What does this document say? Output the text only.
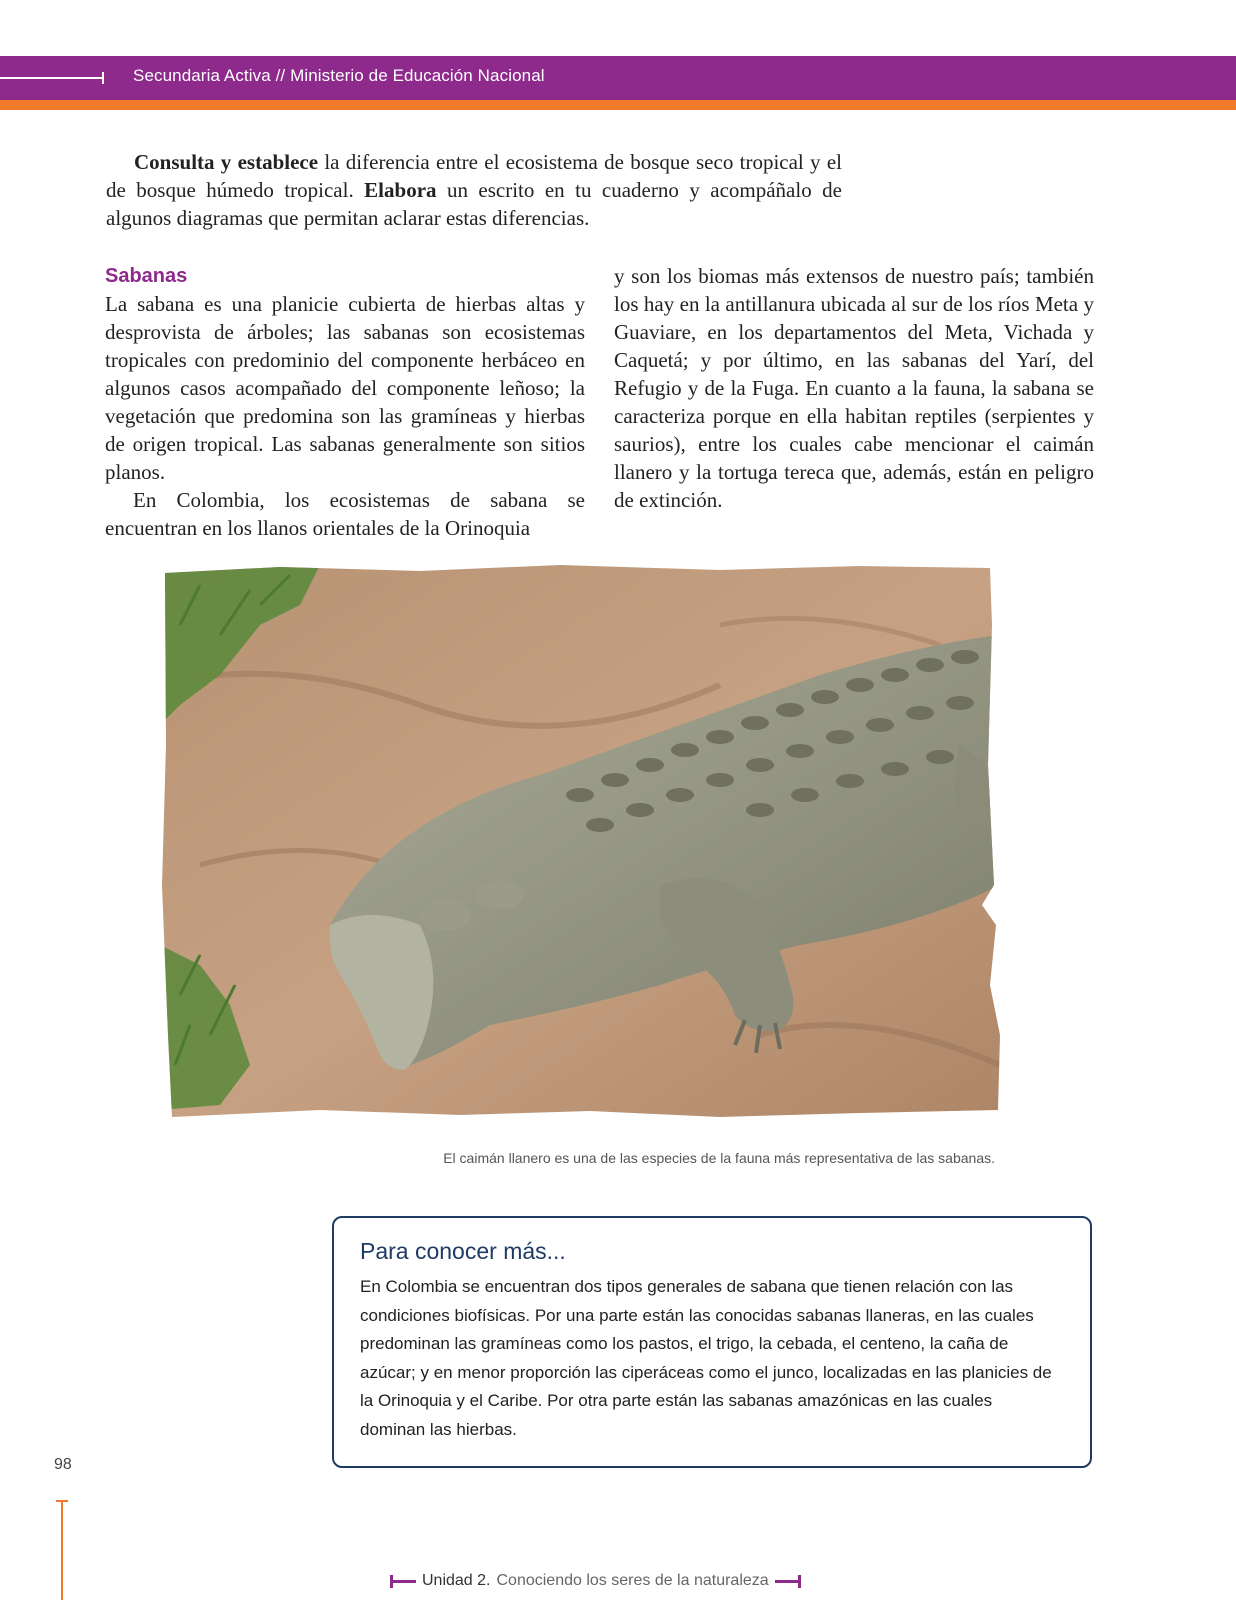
Secundaria Activa // Ministerio de Educación Nacional
Consulta y establece la diferencia entre el ecosistema de bosque seco tropical y el de bosque húmedo tropical. Elabora un escrito en tu cuaderno y acompáñalo de algunos diagramas que permitan aclarar estas diferencias.
Sabanas

La sabana es una planicie cubierta de hierbas altas y desprovista de árboles; las sabanas son ecosistemas tropicales con predominio del componente herbáceo en algunos casos acompañado del componente leñoso; la vegetación que predomina son las gramíneas y hierbas de origen tropical. Las sabanas generalmente son sitios planos.

En Colombia, los ecosistemas de sabana se encuentran en los llanos orientales de la Orinoquia

y son los biomas más extensos de nuestro país; también los hay en la antillanura ubicada al sur de los ríos Meta y Guaviare, en los departamentos del Meta, Vichada y Caquetá; y por último, en las sabanas del Yarí, del Refugio y de la Fuga. En cuanto a la fauna, la sabana se caracteriza porque en ella habitan reptiles (serpientes y saurios), entre los cuales cabe mencionar el caimán llanero y la tortuga tereca que, además, están en peligro de extinción.

El caimán llanero es una de las especies de la fauna más representativa de las sabanas.
Para conocer más...
En Colombia se encuentran dos tipos generales de sabana que tienen relación con las condiciones biofísicas. Por una parte están las conocidas sabanas llaneras, en las cuales predominan las gramíneas como los pastos, el trigo, la cebada, el centeno, la caña de azúcar; y en menor proporción las ciperáceas como el junco, localizadas en las planicies de la Orinoquia y el Caribe. Por otra parte están las sabanas amazónicas en las cuales dominan las hierbas.
98
Unidad 2. Conociendo los seres de la naturaleza
